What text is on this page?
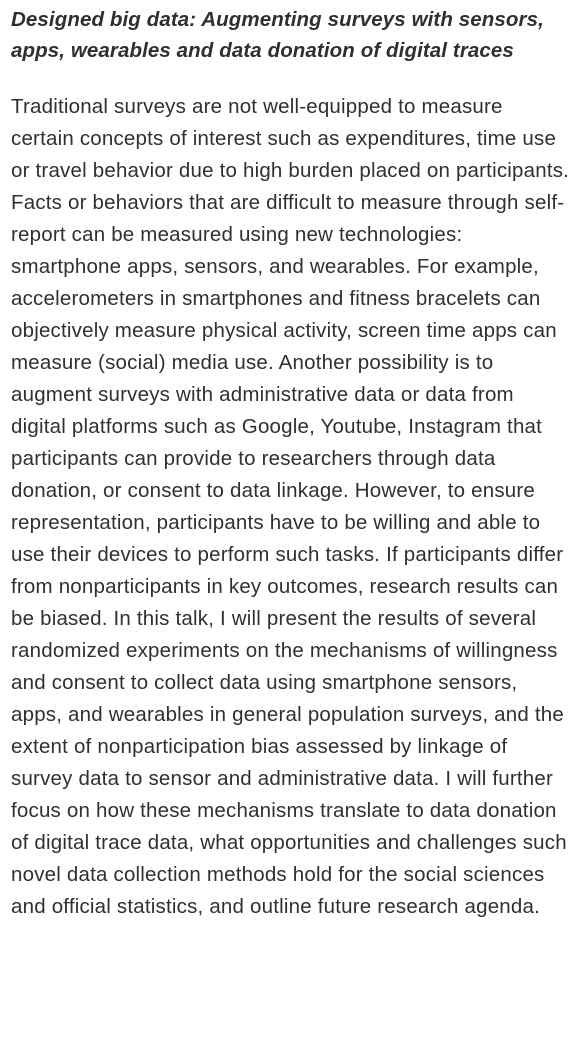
Designed big data: Augmenting surveys with sensors, apps, wearables and data donation of digital traces

Traditional surveys are not well-equipped to measure certain concepts of interest such as expenditures, time use or travel behavior due to high burden placed on participants. Facts or behaviors that are difficult to measure through self-report can be measured using new technologies: smartphone apps, sensors, and wearables. For example, accelerometers in smartphones and fitness bracelets can objectively measure physical activity, screen time apps can measure (social) media use. Another possibility is to augment surveys with administrative data or data from digital platforms such as Google, Youtube, Instagram that participants can provide to researchers through data donation, or consent to data linkage. However, to ensure representation, participants have to be willing and able to use their devices to perform such tasks. If participants differ from nonparticipants in key outcomes, research results can be biased. In this talk, I will present the results of several randomized experiments on the mechanisms of willingness and consent to collect data using smartphone sensors, apps, and wearables in general population surveys, and the extent of nonparticipation bias assessed by linkage of survey data to sensor and administrative data. I will further focus on how these mechanisms translate to data donation of digital trace data, what opportunities and challenges such novel data collection methods hold for the social sciences and official statistics, and outline future research agenda.
